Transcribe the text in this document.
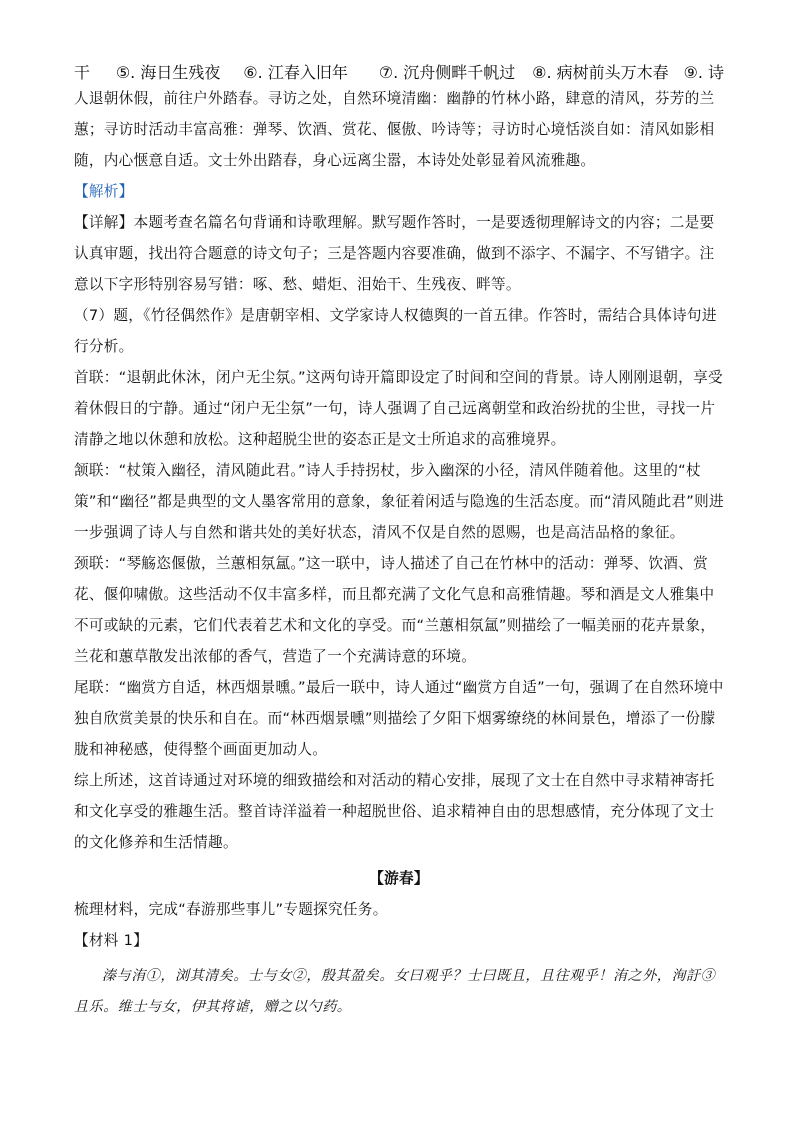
干	⑤. 海日生残夜	⑥. 江春入旧年	⑦. 沉舟侧畔千帆过	⑧. 病树前头万木春 ⑨. 诗

人退朝休假，前往户外踏春。寻访之处，自然环境清幽：幽静的竹林小路，肆意的清风，芬芳的兰蕙；寻访时活动丰富高雅：弹琴、饮酒、赏花、偃傲、吟诗等；寻访时心境恬淡自如：清风如影相随，内心惬意自适。文士外出踏春，身心远离尘嚣，本诗处处彰显着风流雅趣。

【解析】

【详解】本题考查名篇名句背诵和诗歌理解。默写题作答时，一是要透彻理解诗文的内容；二是要认真审题，找出符合题意的诗文句子；三是答题内容要准确，做到不添字、不漏字、不写错字。注意以下字形特别容易写错：啄、愁、蜡炬、泪始干、生残夜、畔等。

（7）题，《竹径偶然作》是唐朝宰相、文学家诗人权德舆的一首五律。作答时，需结合具体诗句进行分析。

首联：“退朝此休沐，闭户无尘氛。”这两句诗开篇即设定了时间和空间的背景。诗人刚刚退朝，享受着休假日的宁静。通过“闭户无尘氛”一句，诗人强调了自己远离朝堂和政治纷扰的尘世，寻找一片清静之地以休憩和放松。这种超脱尘世的姿态正是文士所追求的高雅境界。

颔联：“杖策入幽径，清风随此君。”诗人手持拐杖，步入幽深的小径，清风伴随着他。这里的“杖策”和“幽径”都是典型的文人墨客常用的意象，象征着闲适与隐逸的生活态度。而“清风随此君”则进一步强调了诗人与自然和谐共处的美好状态，清风不仅是自然的恩赐，也是高洁品格的象征。

颈联：“琴觞恣偃傲，兰蕙相氛氲。”这一联中，诗人描述了自己在竹林中的活动：弹琴、饮酒、赏花、偃仰啸傲。这些活动不仅丰富多样，而且都充满了文化气息和高雅情趣。琴和酒是文人雅集中不可或缺的元素，它们代表着艺术和文化的享受。而“兰蕙相氛氲”则描绘了一幅美丽的花卉景象，兰花和蕙草散发出浓郁的香气，营造了一个充满诗意的环境。

尾联：“幽赏方自适，林西烟景曛。”最后一联中，诗人通过“幽赏方自适”一句，强调了在自然环境中独自欣赏美景的快乐和自在。而“林西烟景曛”则描绘了夕阳下烟雾缭绕的林间景色，增添了一份朦胧和神秘感，使得整个画面更加动人。

综上所述，这首诗通过对环境的细致描绘和对活动的精心安排，展现了文士在自然中寻求精神寄托和文化享受的雅趣生活。整首诗洋溢着一种超脱世俗、追求精神自由的思想感情，充分体现了文士的文化修养和生活情趣。

【游春】

梳理材料，完成“春游那些事儿”专题探究任务。

【材料 1】

溱与洧①，浏其清矣。士与女②，殷其盈矣。女曰观乎？士曰既且，且往观乎！洧之外，洵訏③且乐。维士与女，伊其将谑，赠之以勺药。
